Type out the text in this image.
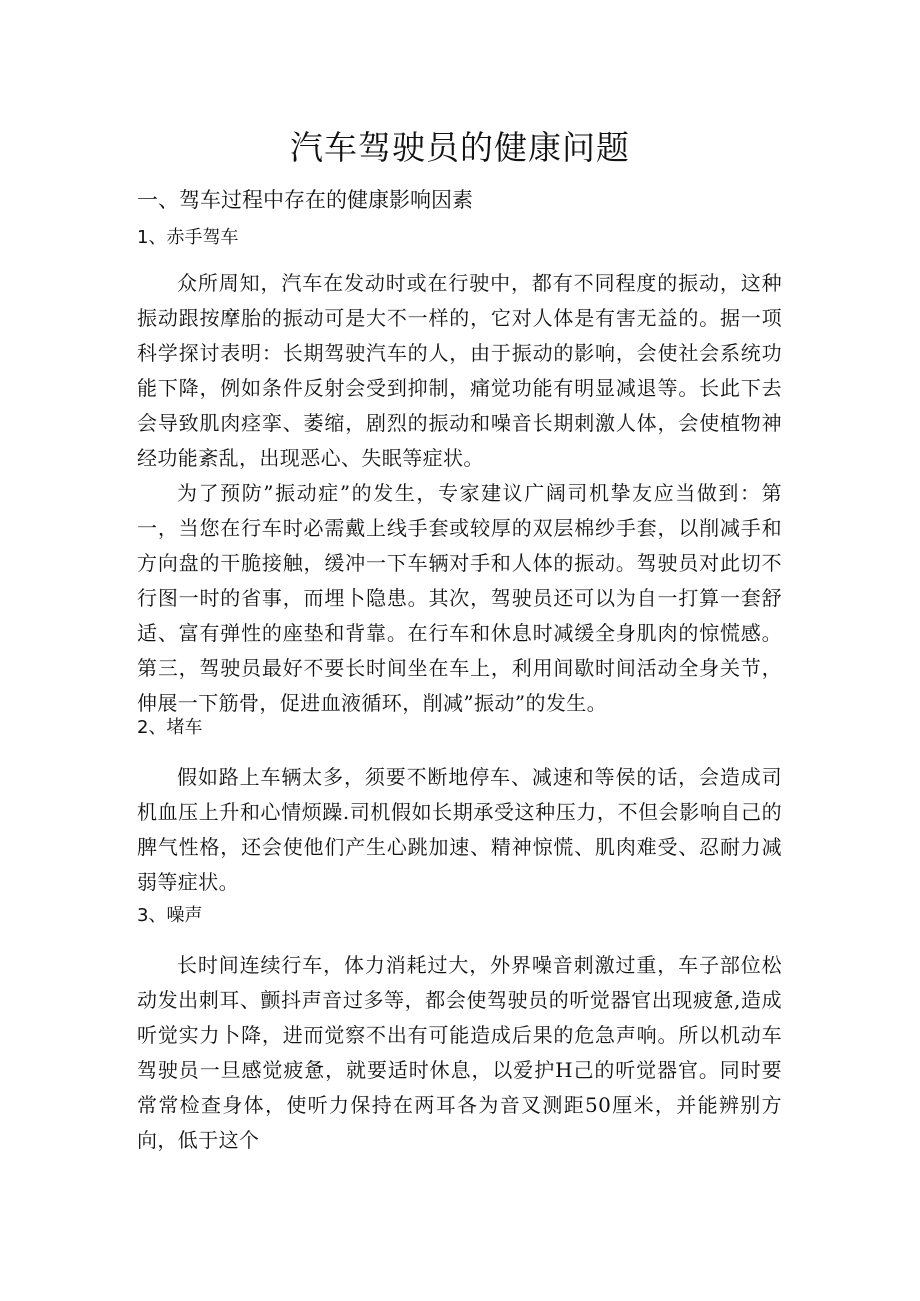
汽车驾驶员的健康问题
一、驾车过程中存在的健康影响因素
1、赤手驾车

众所周知，汽车在发动时或在行驶中，都有不同程度的振动，这种振动跟按摩胎的振动可是大不一样的，它对人体是有害无益的。据一项科学探讨表明：长期驾驶汽车的人，由于振动的影响，会使社会系统功能下降，例如条件反射会受到抑制，痛觉功能有明显减退等。长此下去会导致肌肉痉挛、萎缩，剧烈的振动和噪音长期刺激人体，会使植物神经功能紊乱，出现恶心、失眠等症状。

为了预防”振动症”的发生，专家建议广阔司机挚友应当做到：第一，当您在行车时必需戴上线手套或较厚的双层棉纱手套，以削减手和方向盘的干脆接触，缓冲一下车辆对手和人体的振动。驾驶员对此切不行图一时的省事，而埋卜隐患。其次，驾驶员还可以为自一打算一套舒适、富有弹性的座垫和背靠。在行车和休息时减缓全身肌肉的惊慌感。第三，驾驶员最好不要长时间坐在车上，利用间歇时间活动全身关节，伸展一下筋骨，促进血液循环，削减”振动”的发生。

2、堵车

假如路上车辆太多，须要不断地停车、减速和等侯的话，会造成司机血压上升和心情烦躁.司机假如长期承受这种压力，不但会影响自己的脾气性格，还会使他们产生心跳加速、精神惊慌、肌肉难受、忍耐力减弱等症状。

3、噪声

长时间连续行车，体力消耗过大，外界噪音刺激过重，车子部位松动发出刺耳、颤抖声音过多等，都会使驾驶员的听觉器官出现疲惫,造成听觉实力卜降，进而觉察不出有可能造成后果的危急声响。所以机动车驾驶员一旦感觉疲惫，就要适时休息，以爱护H己的听觉器官。同时要常常检查身体，使听力保持在两耳各为音叉测距50厘米，并能辨别方向，低于这个
